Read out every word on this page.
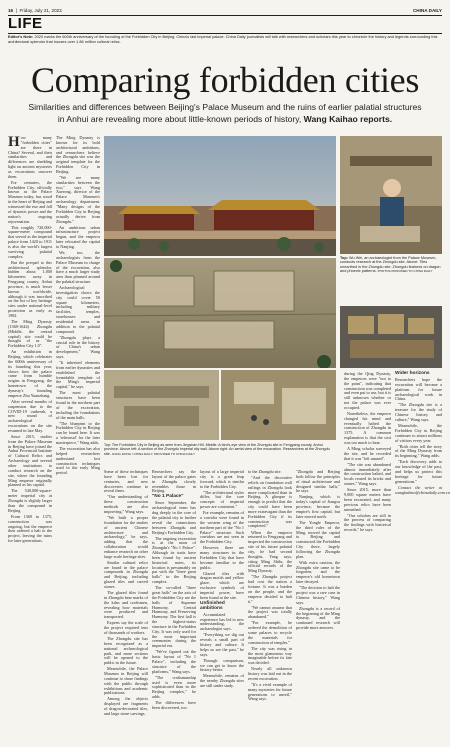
16  |  Friday, July 21, 2023	CHINA DAILY
LIFE
Editor's Note: 2020 marks the 600th anniversary of the founding of the Forbidden City in Beijing, China's last imperial palace. China Daily journalists will talk with researchers and scholars this year to chronicle the history and legends surrounding this architectural splendor that houses over 1.86 million cultural relics.
Comparing forbidden cities
Similarities and differences between Beijing's Palace Museum and the ruins of earlier palatial structures in Anhui are revealing more about little-known periods of history, Wang Kaihao reports.

How many "forbidden cities" are there in China? Several, and their similarities and differences are shedding light on ancient mysteries as excavations uncover them.

For centuries, the Forbidden City, officially known as the Palace Museum today, has stood in the heart of Beijing and witnessed the rise and fall of dynastic power and the nation's ongoing rejuvenation.

This roughly 720,000-square-meter compound that served as the imperial palace from 1420 to 1911 is also the world's largest surviving palatial complex.

But the prequel to this architectural splendor, hidden about 1,000 kilometers away in Fengyang county, Anhui province, is much lesser known worldwide, although it was inscribed on the list of key heritage sites under national-level protection as early as 1982.

The Ming Dynasty (1368-1644) Zhongdu (Middle, the central capital) site could be thought of as "the Forbidden City 1.0".

An exhibition in Beijing, which celebrates the 600th anniversary of its founding this year, shows how the palace came from humble origins in Fengyang, the hometown of the dynasty's founding emperor Zhu Yuanzhang.

After several months of suspension due to the COVID-19 outbreak, a new round of archaeological excavations on the site resumed in late May.

Since 2015, studies from the Palace Museum in Beijing have joined the Anhui Provincial Institute of Cultural Relics and Archaeology and several other institutions to conduct research on the site, where the founding Ming emperor originally planned as his capital.

The 540,000-square-meter imperial city at Zhongdu is slightly larger than the compound in Beijing.

From 1369 to 1375, construction was ongoing, but the emperor then ordered a halt to the project, leaving the ruins for later generations.

The Ming Dynasty is known for its bold architectural ambitions, and researchers believe the Zhongdu site was the original template for the Forbidden City in Beijing.

"We see many similarities between the two," says Wang Xuerong, director of the Palace Museum's archaeology department. "Many designs of the Forbidden City in Beijing actually derive from Zhongdu."

An ambitious urban infrastructure project began, and the emperor later relocated the capital to Nanjing.

We, too, the archaeologists from the Palace Museum in charge of the excavation, also have a much larger study area than planned around the palatial structure.

Archaeological investigation shows the city could cover 50 square kilometers, including military facilities, temples, storehouses and residential areas in addition to the palatial compound.

"Zhongdu plays a crucial role in the history of China's urban development," Wang says.

"It inherited elements from earlier dynasties and established the formidable template of the Ming's imperial capital," he says.

The most palatial structures have been found in the northern part of the excavation, including the foundations of the main halls.

"The blueprint to the Forbidden City in Beijing can be found here. It was a 'rehearsal' for the later masterpiece," Wang adds.

The excavation has also helped researchers understand lost construction techniques used in the early Ming period.

Top: The Forbidden City in Beijing as seen from Jingshan Hill. Middle: A bird's-eye view of the Zhongdu site in Fengyang county, Anhui province. Above left: A section of the Zhongdu imperial city wall. Above right: An aerial view of the excavation. Researchers at the Zhongdu site. JIANG DONG / CHINA DAILY, PROVIDED TO CHINA DAILY
Top: Wu Wei, an archaeologist from the Palace Museum, conducts research at the Zhongdu site. Above: Tiles unearthed in the Zhongdu site. Zhongdu features on dragon and phoenix patterns. PHOTOS PROVIDED TO CHINA DAILY

Some of these techniques have been lost for centuries, and new discoveries continue to reveal them.

"Our understanding of these construction methods are also improving," Wang says.

"We built a proper foundation for the studies of ancient Chinese architecture and archaeology," he says, adding that the collaboration would enhance research on other large-scale heritage sites.

Similar cultural relics are found in the palace compounds in Zhongdu and Beijing, including glazed tiles and carved stones.

The glazed tiles found in Zhongdu bear marks of the kilns and craftsmen, revealing how materials were produced and transported.

Experts say the scale of the project required tens of thousands of workers.

The Zhongdu site has been recognized as a national archaeological park, and more sections will be opened to the public in the future.

Meanwhile, the Palace Museum in Beijing will continue to share findings with the public through exhibitions and academic publications.

Among the objects displayed are fragments of dragon-decorated tiles, and large stone carvings.

Researchers say the layout of the palace gates in Zhongdu closely resembles those in Beijing.

"No 1 Palace"

Since September, the archaeological team has dug deeply in the core of the palatial city to further reveal the connections between Zhongdu and Beijing's Forbidden City.

The ongoing excavation is at the ruins of Zhongdu's "No 1 Palace". Although its traits have been found by ancient historical notes, its location is presumably on par with the "three great halls" in the Beijing complex.

The so-called "three great halls" on the axis of the Forbidden City are the halls of Supreme Harmony, Central Harmony, and Preserving Harmony. The first hall is the highest-status structure in the Forbidden City. It was only used for the most important ceremonies during the imperial era.

"We've figured out the basic layout of "No 1 Palace", including the structure of the platforms," Wang says.

"The craftsmanship used is even more sophisticated than in the Beijing complex," he adds.

The differences have been discovered, too.

layout of a large imperial city is a great leap forward, which is similar to the Forbidden City.

"The architectural styles differ, but the core concepts of imperial power are consistent."

For example, remains of a corridor were found in the western wing of the northern part of the "No 1 Palace" structure. Such corridors are not seen in the Forbidden City.

However, there are many structures in the Forbidden City that have become familiar to the public.

Glazed tiles with dragon motifs and yellow glaze, which are exclusive symbols of imperial power, have been found at the site.

Unfinished ambitions

Accumulated experience has led to new understanding, the archaeologist says.

"Everything we dig out reveals a small part of history and culture. It helps us see the past," he says.

Through comparison, we can get to know the history better.

Meanwhile, remains of the nearby Zhongdu sites are still under study.

to the Zhongdu site.

"And the decorative reliefs on foundation wall railings in Zhongdu look more complicated than in Beijing. A glimpse is enough to predict that the city could have been more extravagant than the Forbidden City if its construction was completed."

When the emperor returned to Fengyang and inspected the construction site of his future palatial city, he had second thoughts, Yang says, citing Ming Shilu, the official records of the Ming Dynasty.

"The Zhongdu project had cost the nation a fortune. It was a burden on the people, and the emperor decided to halt it."

"We cannot assume that the project was totally abandoned."

"For example, he ordered the demolition of some palaces to recycle the materials for construction of temples."

The city was rising in the most glamorous way imaginable before its fate was decided.

Nearly all unknown history was laid out in the recent excavation.

"It's a vivid example of many mysteries for future generations to unveil," Wang says.

"Zhongdu and Beijing both follow the principles of ritual architecture and designed similar halls," he says.

Nanjing, which is today's capital of Jiangsu province, became the empire's first capital, but later moved north.

The Yongle Emperor, the third ruler of the Ming, moved the capital to Beijing and constructed the Forbidden City there, largely following the Zhongdu plan.

With extra caution, the Zhongdu site came to be forgotten, and the emperor's old hometown later decayed.

"The decision to halt the project was a rare case in Chinese history," Wang says.

Zhongdu is a record of the beginning of the Ming dynasty, and the continued research will provide more answers.

during the Qing Dynasty, the emperors were "not to the point", indicating that construction was completed and even put to use, but it is still unknown whether or not the palace was ever occupied.

Nonetheless, the emperor changed his mind and eventually halted the construction of Zhongdu in 1375. A common explanation is that the cost was too much to bear.

A Ming scholar surveyed the site, and he recorded that it was "left unused".

"The site was abandoned almost immediately after the construction halted, and locals reused its bricks and stones," Wang says.

Since 2015, more than 9,000 square meters have been excavated, and many precious relics have been unearthed.

"Our scholars are still in the process of comparing the findings with historical records," he says.

Wider horizons

Researchers hope the excavation will become a platform for future archaeological work in China.

"The Zhongdu site is a treasure for the study of Chinese history and culture," Wang says.

Meanwhile, the Forbidden City in Beijing continues to attract millions of visitors every year.

"Both cities tell the story of the Ming Dynasty from its beginning," Wang adds.

"Each discovery adds to our knowledge of the past, and helps us protect this heritage for future generations."

Contact the writer at wangkaihao@chinadaily.com.cn
